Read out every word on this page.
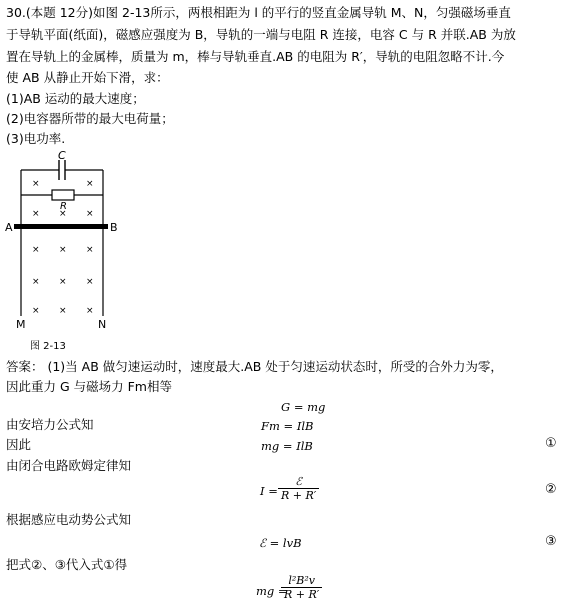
30.(本题 12分)如图 2-13所示，两根相距为 l 的平行的竖直金属导轨 M、N，匀强磁场垂直
于导轨平面(纸面)，磁感应强度为 B，导轨的一端与电阻 R 连接，电容 C 与 R 并联.AB 为放
置在导轨上的金属棒，质量为 m，棒与导轨垂直.AB 的电阻为 R′，导轨的电阻忽略不计.今
使 AB 从静止开始下滑，求：
(1)AB 运动的最大速度；
(2)电容器所带的最大电荷量；
(3)电功率.
C
R
A	B
×	×
× × ×
× × ×
× × ×
× × ×
M	N
图 2-13
答案： (1)当 AB 做匀速运动时，速度最大.AB 处于匀速运动状态时，所受的合外力为零，
因此重力 G 与磁场力 Fm相等
G = mg
由安培力公式知	Fm = IlB
因此	mg = IlB	①
由闭合电路欧姆定律知
I =
ℰ
R + R′	②
根据感应电动势公式知
ℰ = lvB	③
把式②、③代入式①得
mg =
$\frac{\text{l²B²v}}{R + R'}$
